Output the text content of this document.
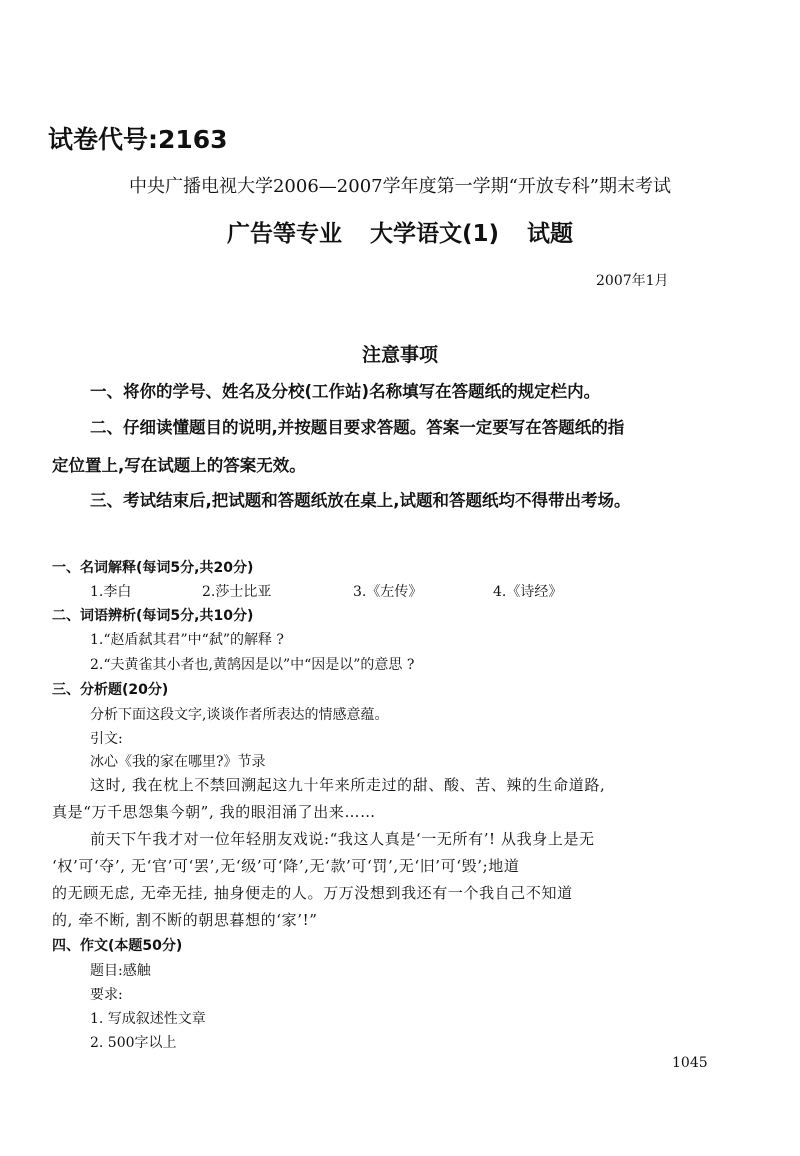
试卷代号:2163
中央广播电视大学2006—2007学年度第一学期“开放专科”期末考试
广告等专业 大学语文(1) 试题
2007年1月
注意事项
一、将你的学号、姓名及分校(工作站)名称填写在答题纸的规定栏内。
二、仔细读懂题目的说明,并按题目要求答题。答案一定要写在答题纸的指
定位置上,写在试题上的答案无效。
三、考试结束后,把试题和答题纸放在桌上,试题和答题纸均不得带出考场。
一、名词解释(每词5分,共20分)
1.李白	2.莎士比亚	3.《左传》	4.《诗经》
二、词语辨析(每词5分,共10分)
1.“赵盾弑其君”中“弑”的解释 ?
2.“夫黄雀其小者也,黄鹄因是以”中“因是以”的意思 ?
三、分析题(20分)
分析下面这段文字,谈谈作者所表达的情感意蕴。
引文:
冰心《我的家在哪里?》节录
这时, 我在枕上不禁回溯起这九十年来所走过的甜、酸、苦、辣的生命道路,
真是“万千思怨集今朝”, 我的眼泪涌了出来……
前天下午我才对一位年轻朋友戏说:“我这人真是‘一无所有’! 从我身上是无
‘权’可‘夺’, 无‘官’可‘罢’,无‘级’可‘降’,无‘款’可‘罚’,无‘旧’可‘毁’;地道
的无顾无虑, 无牵无挂, 抽身便走的人。万万没想到我还有一个我自己不知道
的, 牵不断, 割不断的朝思暮想的‘家’!”
四、作文(本题50分)
题目:感触
要求:
1. 写成叙述性文章
2. 500字以上
1045
